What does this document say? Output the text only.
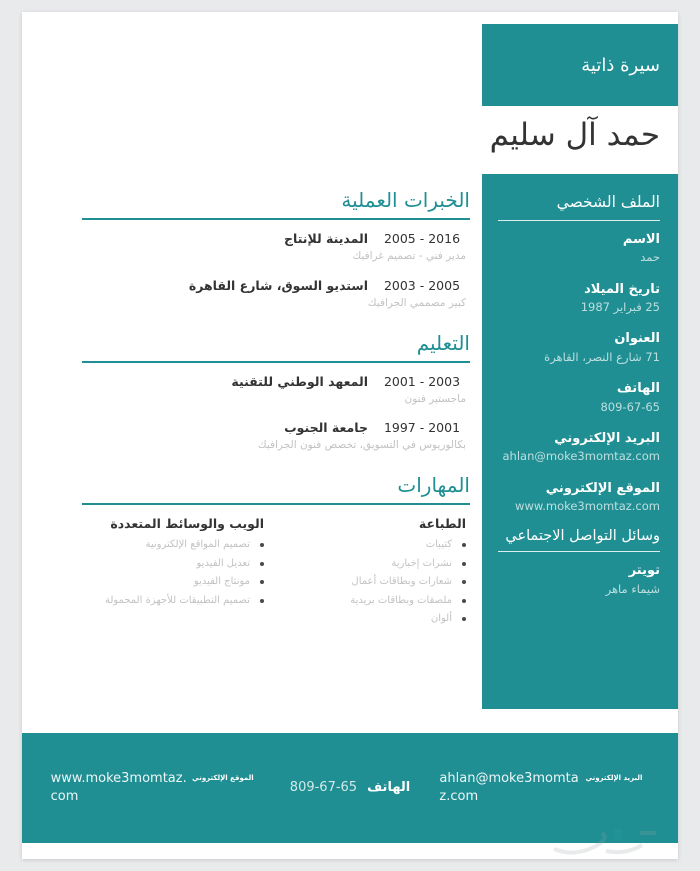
سيرة ذاتية
حمد آل سليم
الملف الشخصي
الاسم
حمد
تاريخ الميلاد
25 فبراير 1987
العنوان
71 شارع النصر، القاهرة
الهاتف
809-67-65
البريد الإلكتروني
ahlan@moke3momtaz.com
الموقع الإلكتروني
www.moke3momtaz.com
وسائل التواصل الاجتماعي
تويتر
شيماء ماهر
الخبرات العملية
2005 - 2016
المدينة للإنتاج
مدير فني - تصميم غرافيك
2003 - 2005
استديو السوق، شارع القاهرة
كبير مصممي الجرافيك
التعليم
2001 - 2003
المعهد الوطني للتقنية
ماجستير فنون
1997 - 2001
جامعة الجنوب
بكالوريوس في التسويق، تخصص فنون الجرافيك
المهارات
الطباعة
كتيبات
نشرات إخبارية
شعارات وبطاقات أعمال
ملصقات وبطاقات بريدية
ألوان
الويب والوسائط المتعددة
تصميم المواقع الإلكترونية
تعديل الفيديو
مونتاج الفيديو
تصميم التطبيقات للأجهزة المحمولة
البريد الإلكتروني
ahlan@moke3momtaz.com
الهاتف
809-67-65
الموقع الإلكتروني
www.moke3momtaz.com
